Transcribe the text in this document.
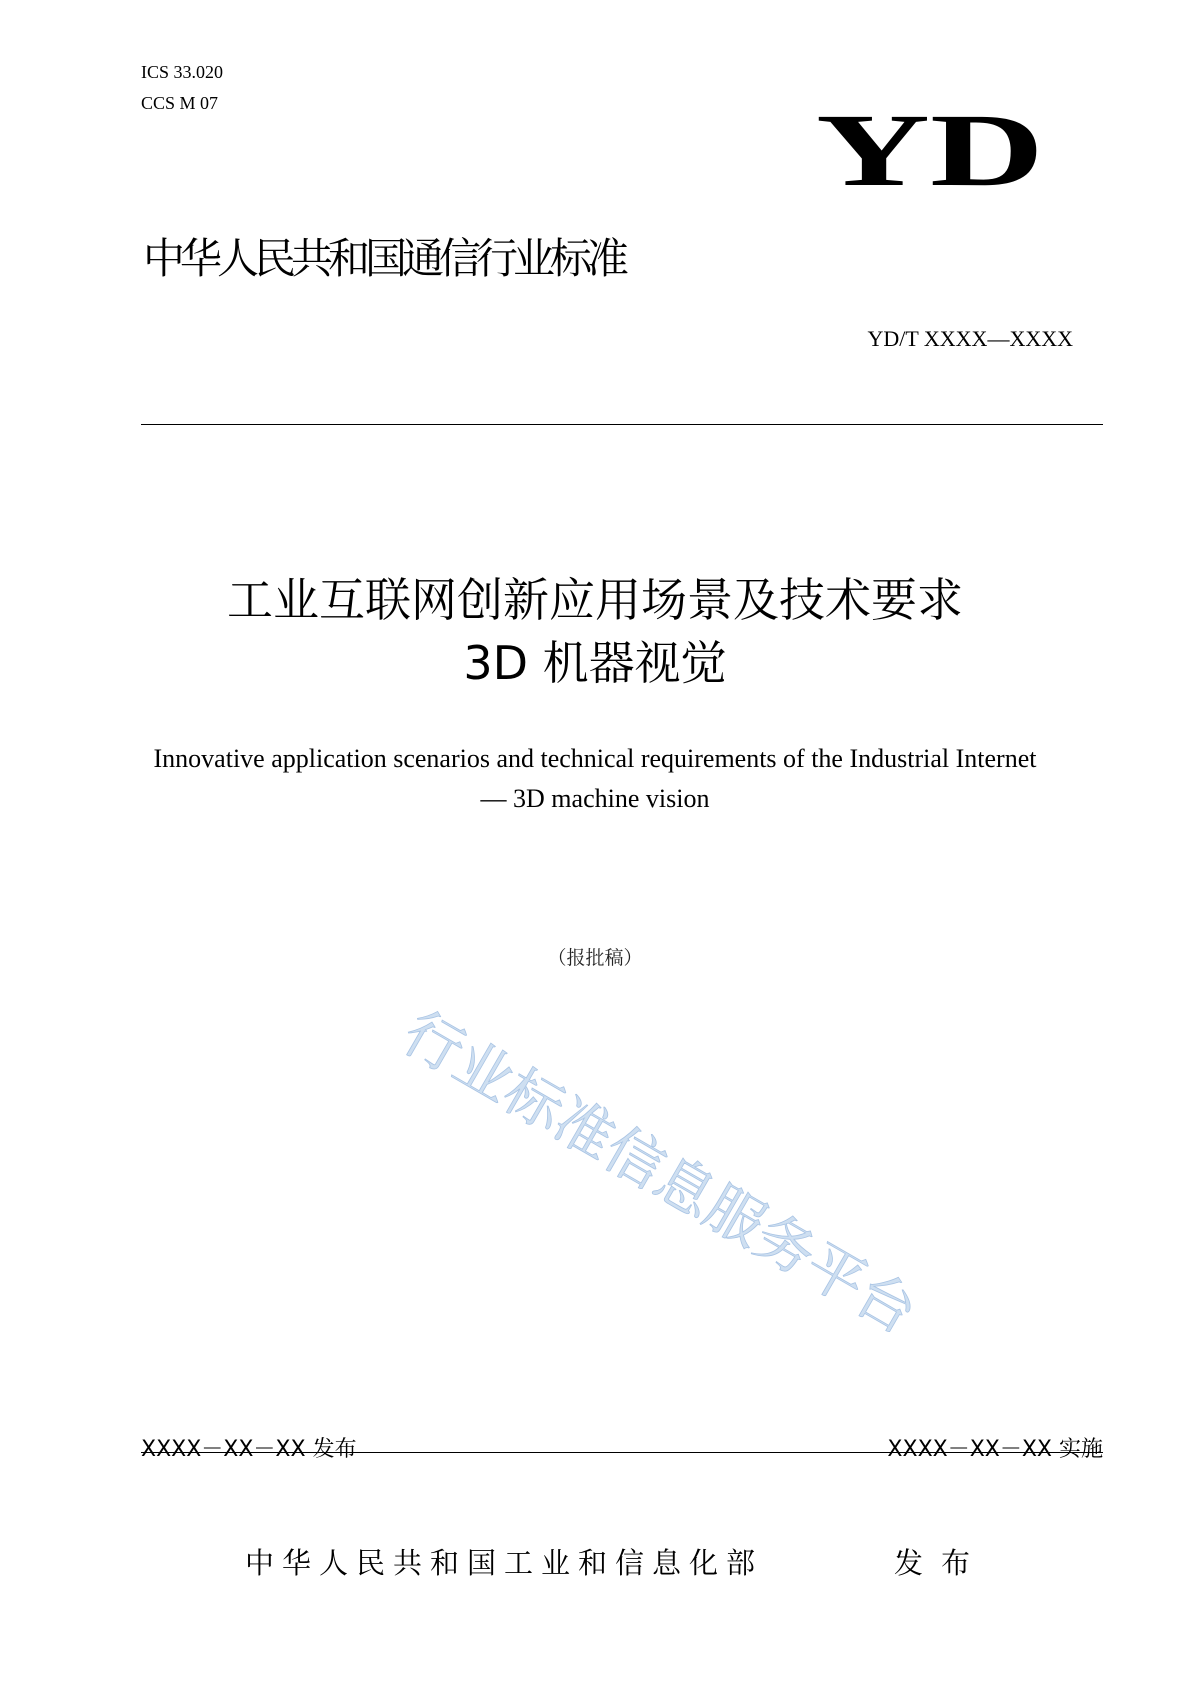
ICS 33.020
CCS M 07	YD
中华人民共和国通信行业标准
YD/T XXXX—XXXX
工业互联网创新应用场景及技术要求
3D 机器视觉
Innovative application scenarios and technical requirements of the Industrial Internet
— 3D machine vision
（报批稿）
行业标准信息服务平台
XXXX－XX－XX 发布	XXXX－XX－XX 实施
中华人民共和国工业和信息化部	发布
